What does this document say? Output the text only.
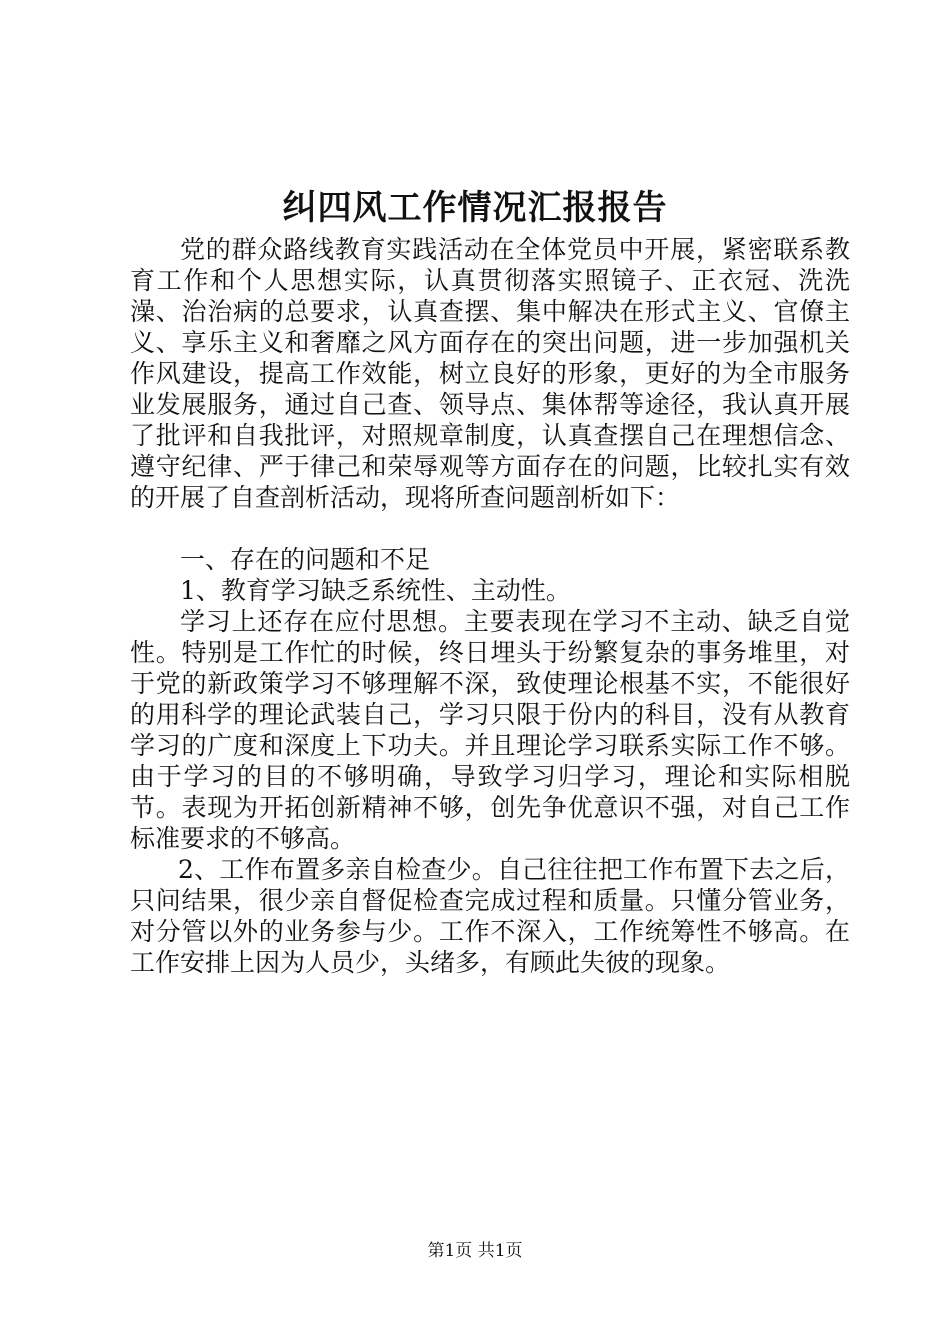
纠四风工作情况汇报报告

党的群众路线教育实践活动在全体党员中开展，紧密联系教育工作和个人思想实际，认真贯彻落实照镜子、正衣冠、洗洗澡、治治病的总要求，认真查摆、集中解决在形式主义、官僚主义、享乐主义和奢靡之风方面存在的突出问题，进一步加强机关作风建设，提高工作效能，树立良好的形象，更好的为全市服务业发展服务，通过自己查、领导点、集体帮等途径，我认真开展了批评和自我批评，对照规章制度，认真查摆自己在理想信念、遵守纪律、严于律己和荣辱观等方面存在的问题，比较扎实有效的开展了自查剖析活动，现将所查问题剖析如下：

一、存在的问题和不足

1、教育学习缺乏系统性、主动性。

学习上还存在应付思想。主要表现在学习不主动、缺乏自觉性。特别是工作忙的时候，终日埋头于纷繁复杂的事务堆里，对于党的新政策学习不够理解不深，致使理论根基不实，不能很好的用科学的理论武装自己，学习只限于份内的科目，没有从教育学习的广度和深度上下功夫。并且理论学习联系实际工作不够。由于学习的目的不够明确，导致学习归学习，理论和实际相脱节。表现为开拓创新精神不够，创先争优意识不强，对自己工作标准要求的不够高。

2、工作布置多亲自检查少。自己往往把工作布置下去之后，只问结果，很少亲自督促检查完成过程和质量。只懂分管业务，对分管以外的业务参与少。工作不深入，工作统筹性不够高。在工作安排上因为人员少，头绪多，有顾此失彼的现象。

第1页 共1页
